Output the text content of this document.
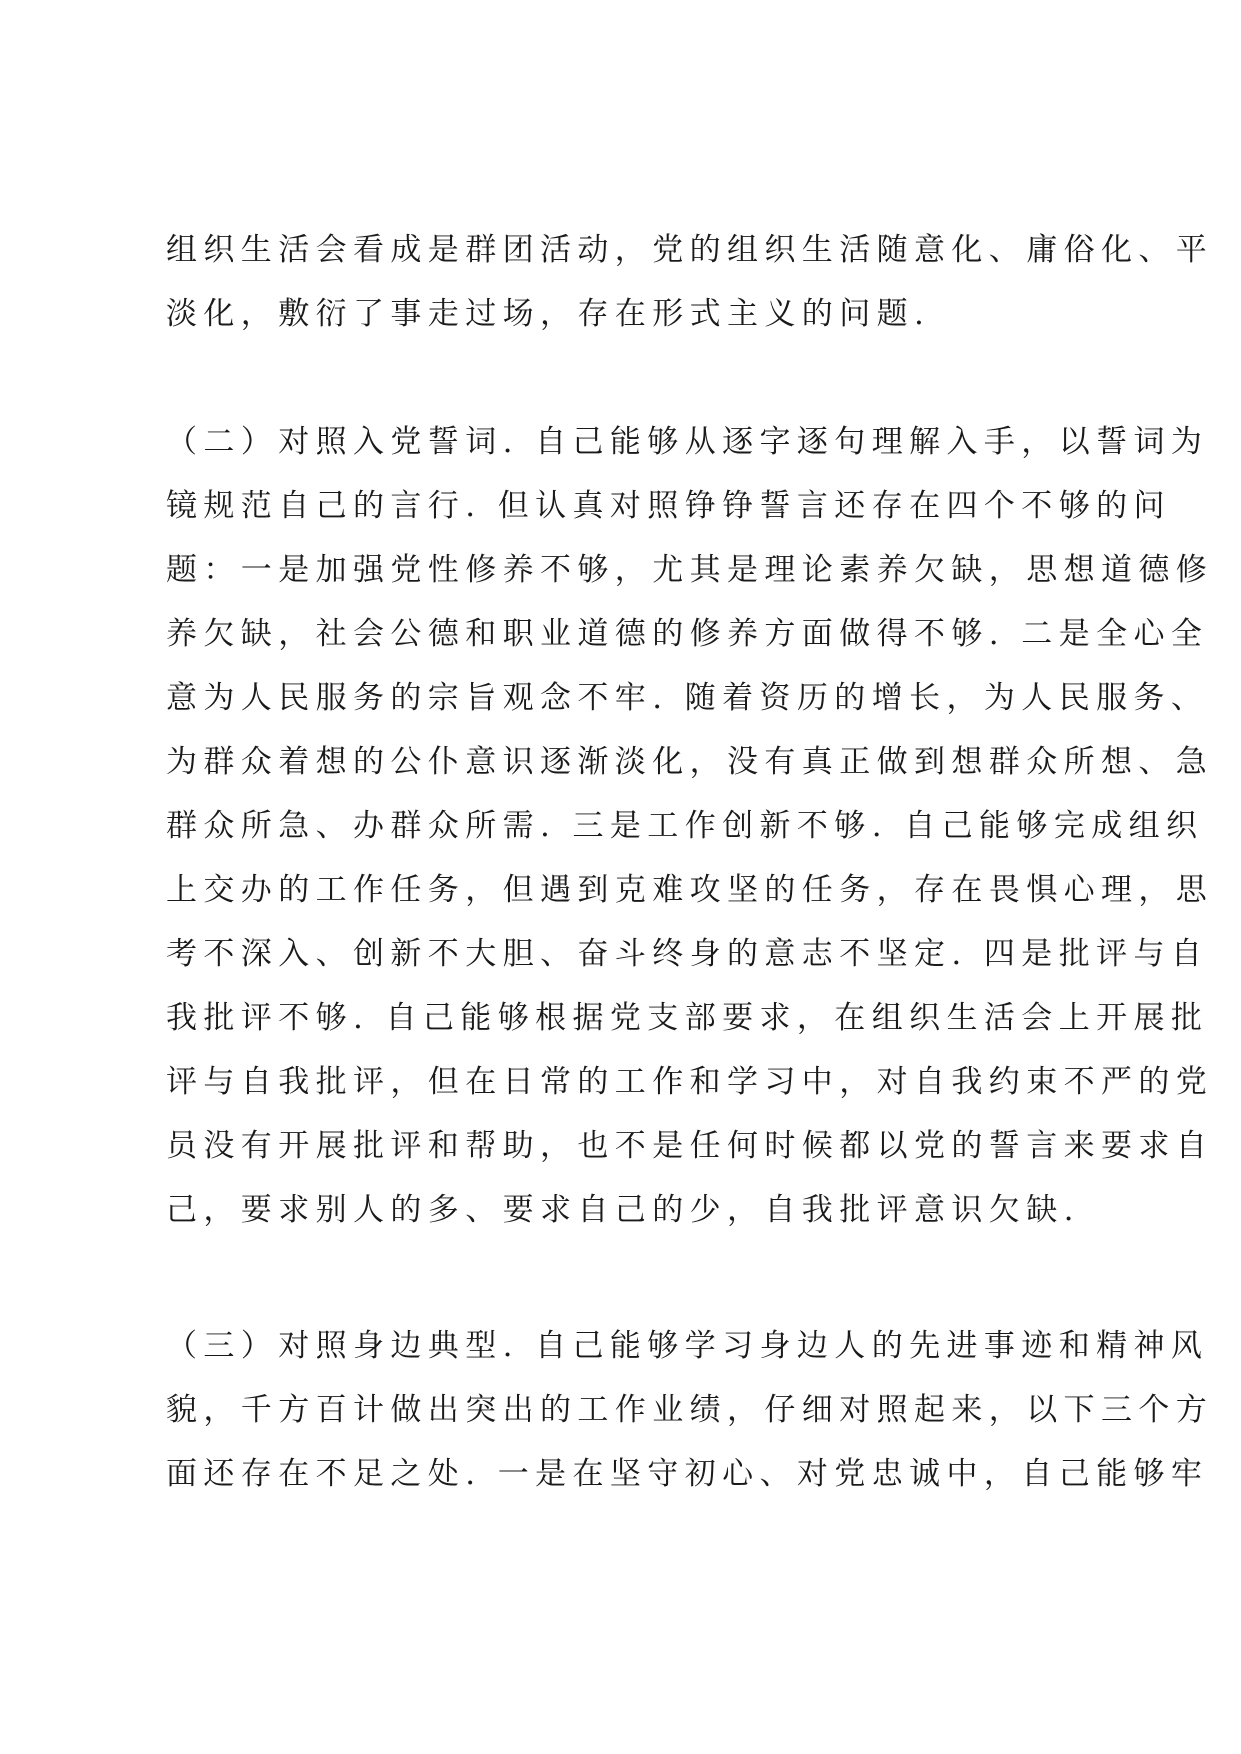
组织生活会看成是群团活动，党的组织生活随意化、庸俗化、平
淡化，敷衍了事走过场，存在形式主义的问题.
（二）对照入党誓词. 自己能够从逐字逐句理解入手，以誓词为
镜规范自己的言行. 但认真对照铮铮誓言还存在四个不够的问
题：一是加强党性修养不够，尤其是理论素养欠缺，思想道德修
养欠缺，社会公德和职业道德的修养方面做得不够. 二是全心全
意为人民服务的宗旨观念不牢. 随着资历的增长，为人民服务、
为群众着想的公仆意识逐渐淡化，没有真正做到想群众所想、急
群众所急、办群众所需. 三是工作创新不够. 自己能够完成组织
上交办的工作任务，但遇到克难攻坚的任务，存在畏惧心理，思
考不深入、创新不大胆、奋斗终身的意志不坚定. 四是批评与自
我批评不够. 自己能够根据党支部要求，在组织生活会上开展批
评与自我批评，但在日常的工作和学习中，对自我约束不严的党
员没有开展批评和帮助，也不是任何时候都以党的誓言来要求自
己，要求别人的多、要求自己的少，自我批评意识欠缺.
（三）对照身边典型. 自己能够学习身边人的先进事迹和精神风
貌，千方百计做出突出的工作业绩，仔细对照起来，以下三个方
面还存在不足之处. 一是在坚守初心、对党忠诚中，自己能够牢
